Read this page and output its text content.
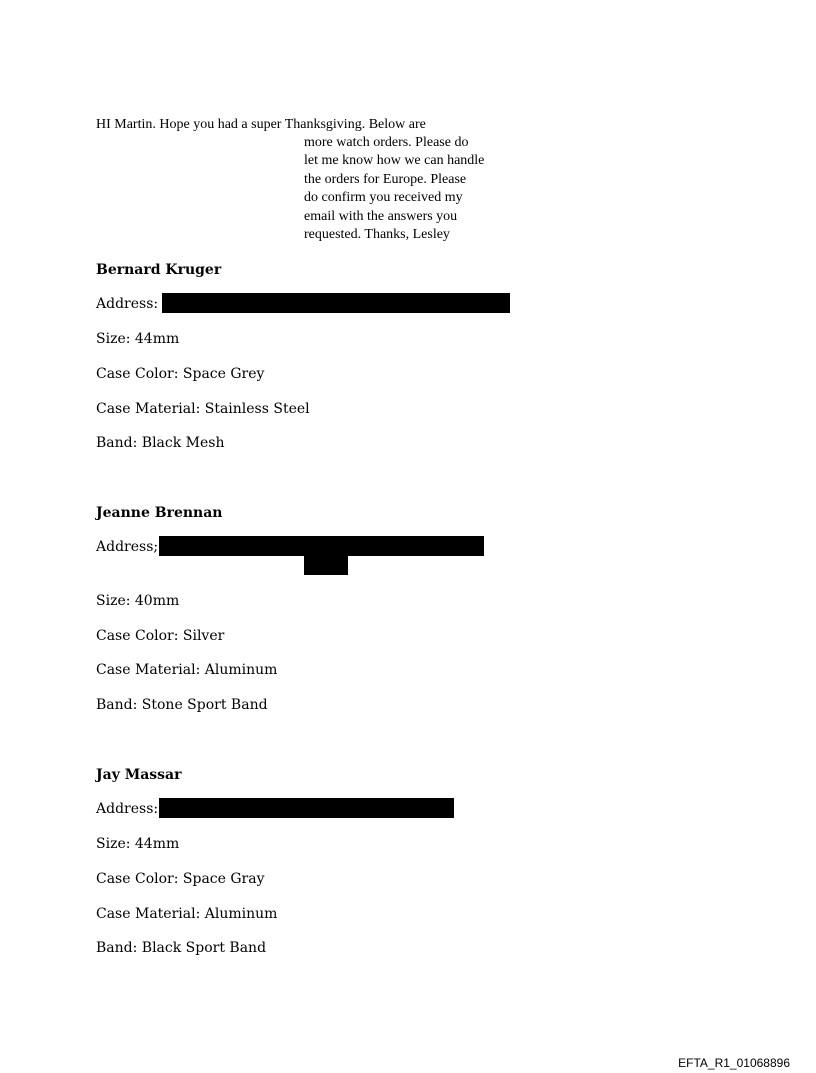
HI Martin. Hope you had a super Thanksgiving. Below are
more watch orders. Please do
let me know how we can handle
the orders for Europe. Please
do confirm you received my
email with the answers you
requested. Thanks, Lesley
Bernard Kruger
Address:
Size: 44mm
Case Color: Space Grey
Case Material: Stainless Steel
Band: Black Mesh
Jeanne Brennan
Address;
Size: 40mm
Case Color: Silver
Case Material: Aluminum
Band: Stone Sport Band
Jay Massar
Address:
Size: 44mm
Case Color: Space Gray
Case Material: Aluminum
Band: Black Sport Band
EFTA_R1_01068896
